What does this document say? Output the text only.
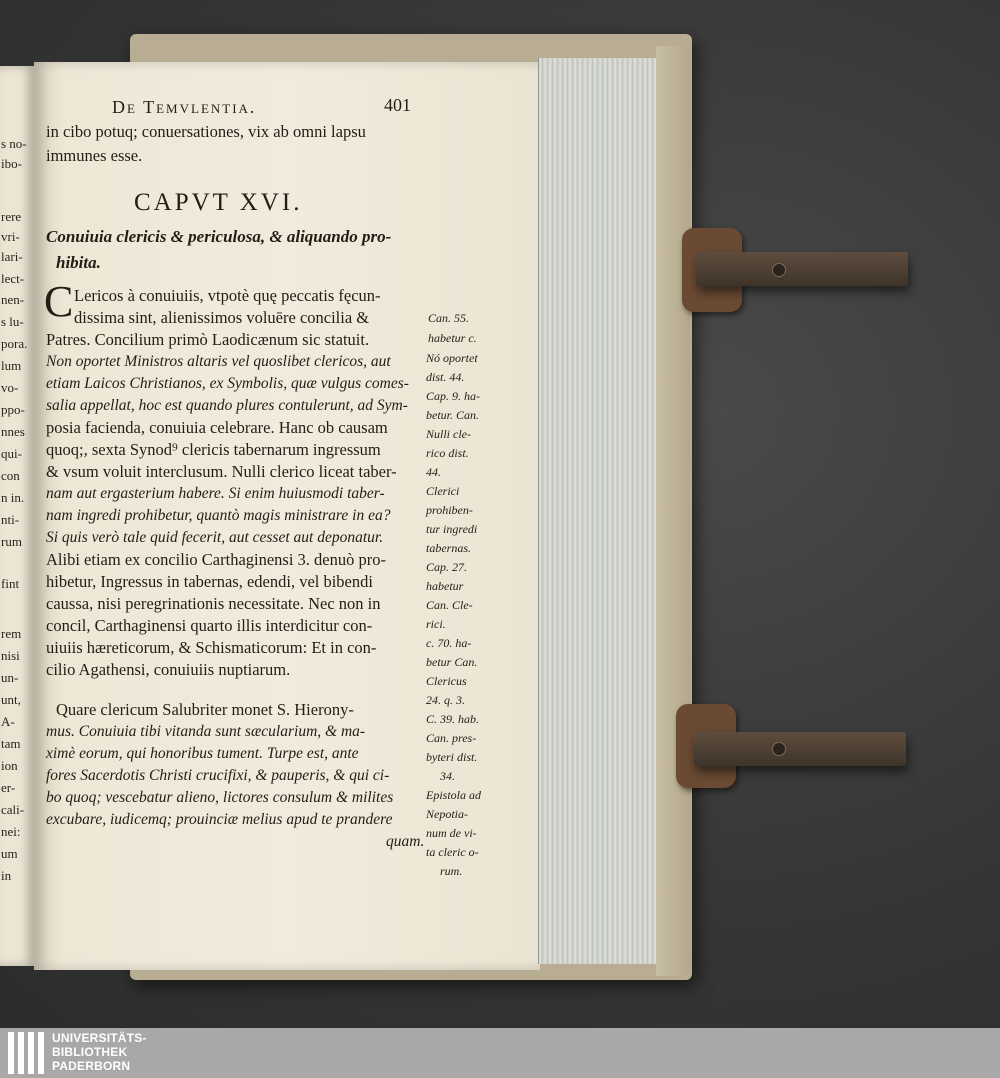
s no-
ibo-
rere
vri-
lari-
lect-
nen-
s lu-
pora.
lum
vo-
ppo-
nnes
qui-
con
n in.
nti-
rum
fint
rem
nisi
un-
unt,
A-
tam
ion
er-
cali-
nei:
um
in
De Temvlentia.	401
in cibo potuq; conuersationes, vix ab omni lapsu
immunes esse.
CAPVT XVI.
Conuiuia clericis & periculosa, & aliquando pro-
hibita.
C Lericos à conuiuiis, vtpotè quę peccatis fęcun-
dissima sint, alienissimos voluēre concilia &
Patres. Concilium primò Laodicænum sic statuit.
Non oportet Ministros altaris vel quoslibet clericos, aut
etiam Laicos Christianos, ex Symbolis, quæ vulgus comes-
salia appellat, hoc est quando plures contulerunt, ad Sym-
posia facienda, conuiuia celebrare. Hanc ob causam
quoq;, sexta Synod⁹ clericis tabernarum ingressum
& vsum voluit interclusum. Nulli clerico liceat taber-
nam aut ergasterium habere. Si enim huiusmodi taber-
nam ingredi prohibetur, quantò magis ministrare in ea?
Si quis verò tale quid fecerit, aut cesset aut deponatur.
Alibi etiam ex concilio Carthaginensi 3. denuò pro-
hibetur, Ingressus in tabernas, edendi, vel bibendi
caussa, nisi peregrinationis necessitate. Nec non in
concil, Carthaginensi quarto illis interdicitur con-
uiuiis hæreticorum, & Schismaticorum: Et in con-
cilio Agathensi, conuiuiis nuptiarum.
Quare clericum Salubriter monet S. Hierony-
mus. Conuiuia tibi vitanda sunt sæcularium, & ma-
ximè eorum, qui honoribus tument. Turpe est, ante
fores Sacerdotis Christi crucifixi, & pauperis, & qui ci-
bo quoq; vescebatur alieno, lictores consulum & milites
excubare, iudicemq; prouinciæ melius apud te prandere
quam.
Can. 55.
habetur c.
Nó oportet
dist. 44.
Cap. 9. ha-
betur. Can.
Nulli cle-
rico dist.
44.
Clerici
prohiben-
tur ingredi
tabernas.
Cap. 27.
habetur
Can. Cle-
rici.
c. 70. ha-
betur Can.
Clericus
24. q. 3.
C. 39. hab.
Can. pres-
byteri dist.
34.
Epistola ad
Nepotia-
num de vi-
ta cleric o-
rum.
UNIVERSITÄTS-
BIBLIOTHEK
PADERBORN
